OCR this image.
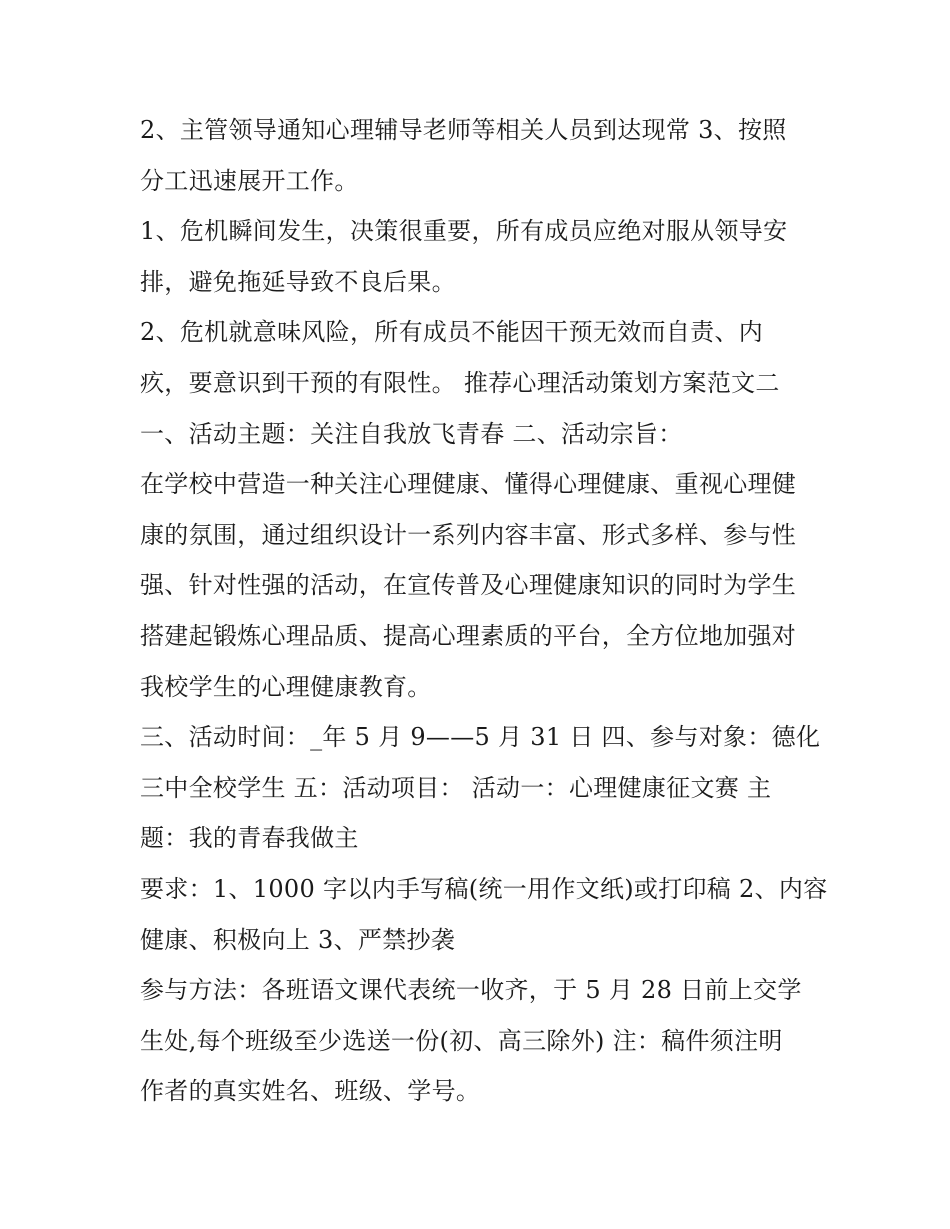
2、主管领导通知心理辅导老师等相关人员到达现常 3、按照
分工迅速展开工作。
1、危机瞬间发生，决策很重要，所有成员应绝对服从领导安
排，避免拖延导致不良后果。
2、危机就意味风险，所有成员不能因干预无效而自责、内
疚，要意识到干预的有限性。 推荐心理活动策划方案范文二
一、活动主题：关注自我放飞青春 二、活动宗旨：
在学校中营造一种关注心理健康、懂得心理健康、重视心理健
康的氛围，通过组织设计一系列内容丰富、形式多样、参与性
强、针对性强的活动，在宣传普及心理健康知识的同时为学生
搭建起锻炼心理品质、提高心理素质的平台，全方位地加强对
我校学生的心理健康教育。
三、活动时间：_年 5 月 9——5 月 31 日 四、参与对象：德化
三中全校学生 五：活动项目： 活动一：心理健康征文赛 主
题：我的青春我做主
要求：1、1000 字以内手写稿(统一用作文纸)或打印稿 2、内容
健康、积极向上 3、严禁抄袭
参与方法：各班语文课代表统一收齐，于 5 月 28 日前上交学
生处,每个班级至少选送一份(初、高三除外) 注：稿件须注明
作者的真实姓名、班级、学号。
